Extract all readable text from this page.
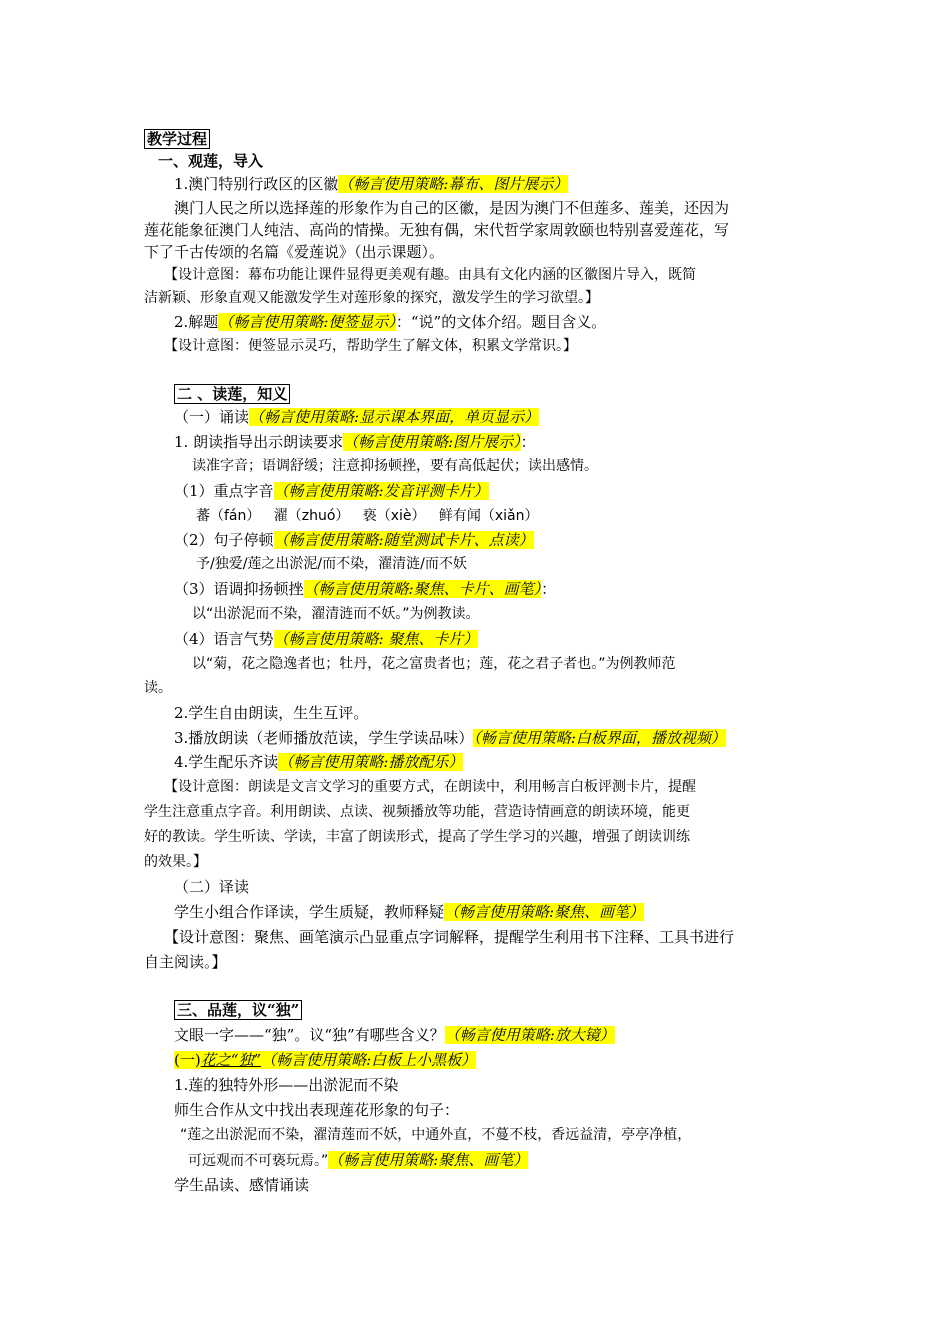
教学过程
一、观莲，导入
1.澳门特别行政区的区徽（畅言使用策略:幕布、图片展示）
澳门人民之所以选择莲的形象作为自己的区徽，是因为澳门不但莲多、莲美，还因为
莲花能象征澳门人纯洁、高尚的情操。无独有偶，宋代哲学家周敦颐也特别喜爱莲花，写
下了千古传颂的名篇《爱莲说》（出示课题）。
【设计意图：幕布功能让课件显得更美观有趣。由具有文化内涵的区徽图片导入，既简
洁新颖、形象直观又能激发学生对莲形象的探究，激发学生的学习欲望。】
2.解题（畅言使用策略:便签显示）：“说”的文体介绍。题目含义。
【设计意图：便签显示灵巧，帮助学生了解文体，积累文学常识。】
二 、读莲，知义
（一）诵读（畅言使用策略:显示课本界面，单页显示）
1. 朗读指导出示朗读要求（畅言使用策略:图片展示）：
读准字音；语调舒缓；注意抑扬顿挫，要有高低起伏；读出感情。
（1）重点字音（畅言使用策略:发音评测卡片）
蕃（fán）   濯（zhuó）   亵（xiè）   鲜有闻（xiǎn）
（2）句子停顿（畅言使用策略:随堂测试卡片、点读）
予/独爱/莲之出淤泥/而不染，濯清涟/而不妖
（3）语调抑扬顿挫（畅言使用策略:聚焦、卡片、画笔）：
以“出淤泥而不染，濯清涟而不妖。”为例教读。
（4）语言气势（畅言使用策略: 聚焦、卡片）
以“菊，花之隐逸者也；牡丹，花之富贵者也；莲，花之君子者也。”为例教师范
读。
2.学生自由朗读，生生互评。
3.播放朗读（老师播放范读，学生学读品味）（畅言使用策略:白板界面，播放视频）
4.学生配乐齐读（畅言使用策略:播放配乐）
【设计意图：朗读是文言文学习的重要方式，在朗读中，利用畅言白板评测卡片，提醒
学生注意重点字音。利用朗读、点读、视频播放等功能，营造诗情画意的朗读环境，能更
好的教读。学生听读、学读，丰富了朗读形式，提高了学生学习的兴趣，增强了朗读训练
的效果。】
（二）译读
学生小组合作译读，学生质疑，教师释疑（畅言使用策略:聚焦、画笔）
【设计意图：聚焦、画笔演示凸显重点字词解释，提醒学生利用书下注释、工具书进行
自主阅读。】
三、品莲，议“独”
文眼一字——“独”。议“独”有哪些含义？（畅言使用策略:放大镜）
(一)花之“独”（畅言使用策略:白板上小黑板）
1.莲的独特外形——出淤泥而不染
师生合作从文中找出表现莲花形象的句子：
“莲之出淤泥而不染，濯清莲而不妖，中通外直，不蔓不枝，香远益清，亭亭净植，
可远观而不可亵玩焉。”（畅言使用策略:聚焦、画笔）
学生品读、感情诵读
